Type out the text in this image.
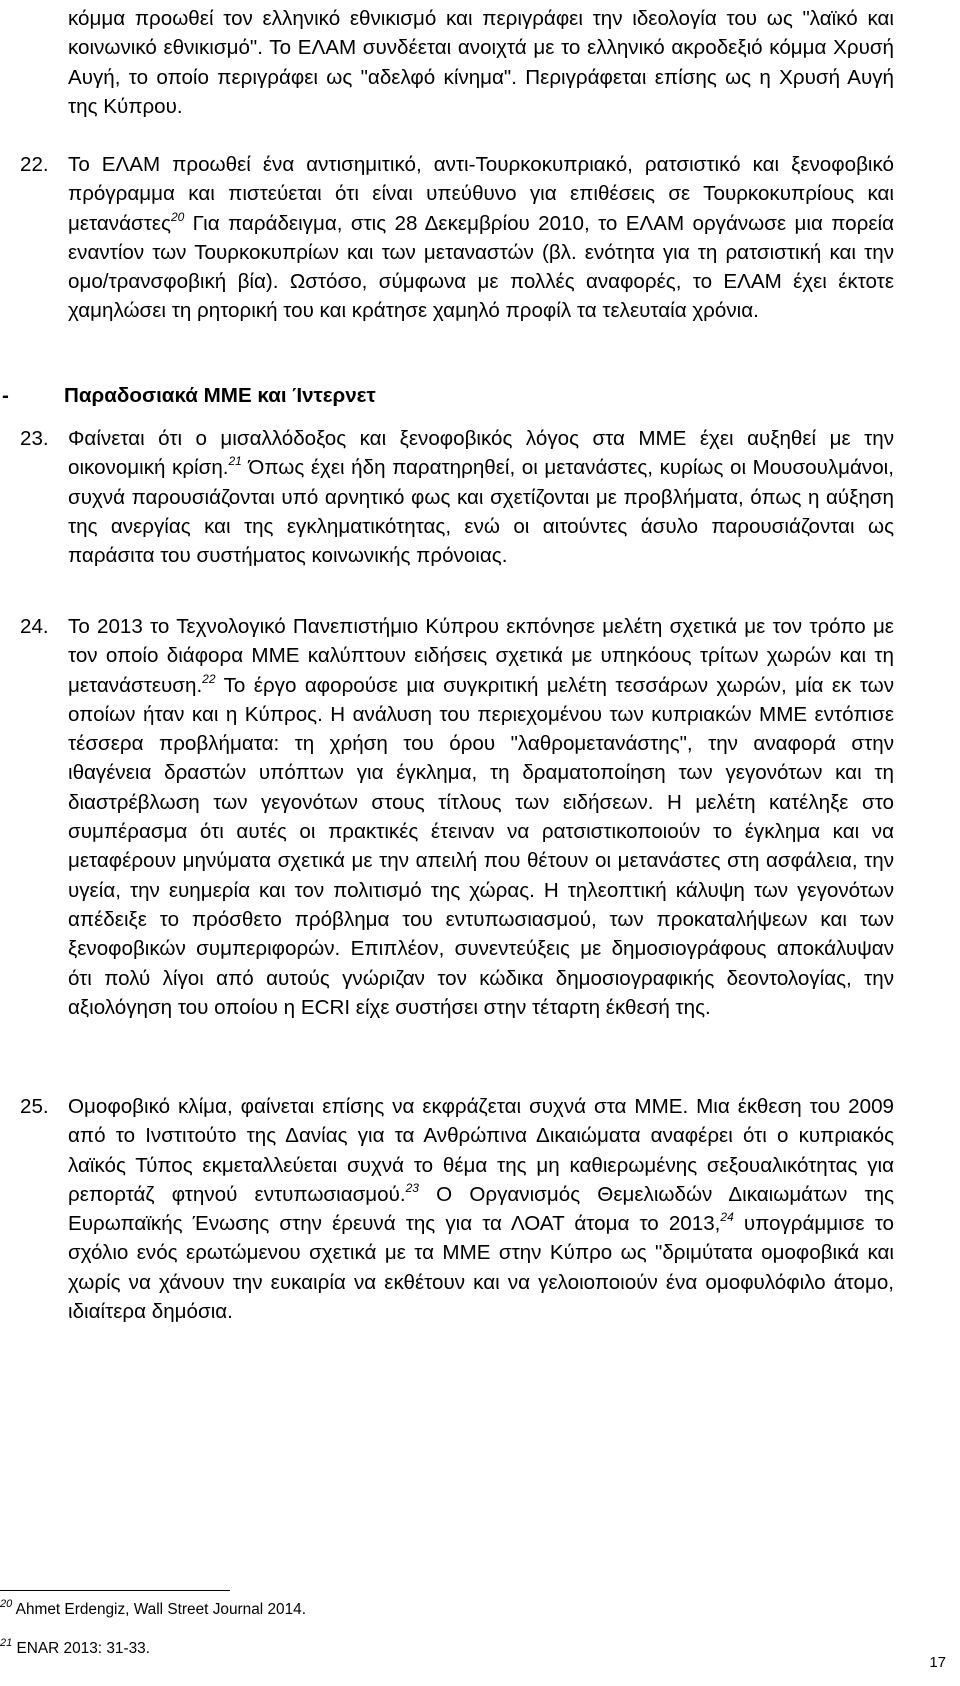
κόμμα προωθεί τον ελληνικό εθνικισμό και περιγράφει την ιδεολογία του ως "λαϊκό και κοινωνικό εθνικισμό". Το ΕΛΑΜ συνδέεται ανοιχτά με το ελληνικό ακροδεξιό κόμμα Χρυσή Αυγή, το οποίο περιγράφει ως "αδελφό κίνημα". Περιγράφεται επίσης ως η Χρυσή Αυγή της Κύπρου.
22. Το ΕΛΑΜ προωθεί ένα αντισημιτικό, αντι-Τουρκοκυπριακό, ρατσιστικό και ξενοφοβικό πρόγραμμα και πιστεύεται ότι είναι υπεύθυνο για επιθέσεις σε Τουρκοκυπρίους και μετανάστες$^{20}$ Για παράδειγμα, στις 28 Δεκεμβρίου 2010, το ΕΛΑΜ οργάνωσε μια πορεία εναντίον των Τουρκοκυπρίων και των μεταναστών (βλ. ενότητα για τη ρατσιστική και την ομο/τρανσφοβική βία). Ωστόσο, σύμφωνα με πολλές αναφορές, το ΕΛΑΜ έχει έκτοτε χαμηλώσει τη ρητορική του και κράτησε χαμηλό προφίλ τα τελευταία χρόνια.
-	Παραδοσιακά ΜΜΕ και Ίντερνετ
23. Φαίνεται ότι ο μισαλλόδοξος και ξενοφοβικός λόγος στα ΜΜΕ έχει αυξηθεί με την οικονομική κρίση.$^{21}$ Όπως έχει ήδη παρατηρηθεί, οι μετανάστες, κυρίως οι Μουσουλμάνοι, συχνά παρουσιάζονται υπό αρνητικό φως και σχετίζονται με προβλήματα, όπως η αύξηση της ανεργίας και της εγκληματικότητας, ενώ οι αιτούντες άσυλο παρουσιάζονται ως παράσιτα του συστήματος κοινωνικής πρόνοιας.
24. Το 2013 το Τεχνολογικό Πανεπιστήμιο Κύπρου εκπόνησε μελέτη σχετικά με τον τρόπο με τον οποίο διάφορα ΜΜΕ καλύπτουν ειδήσεις σχετικά με υπηκόους τρίτων χωρών και τη μετανάστευση.$^{22}$ Το έργο αφορούσε μια συγκριτική μελέτη τεσσάρων χωρών, μία εκ των οποίων ήταν και η Κύπρος. Η ανάλυση του περιεχομένου των κυπριακών ΜΜΕ εντόπισε τέσσερα προβλήματα: τη χρήση του όρου "λαθρομετανάστης", την αναφορά στην ιθαγένεια δραστών υπόπτων για έγκλημα, τη δραματοποίηση των γεγονότων και τη διαστρέβλωση των γεγονότων στους τίτλους των ειδήσεων. Η μελέτη κατέληξε στο συμπέρασμα ότι αυτές οι πρακτικές έτειναν να ρατσιστικοποιούν το έγκλημα και να μεταφέρουν μηνύματα σχετικά με την απειλή που θέτουν οι μετανάστες στη ασφάλεια, την υγεία, την ευημερία και τον πολιτισμό της χώρας. Η τηλεοπτική κάλυψη των γεγονότων απέδειξε το πρόσθετο πρόβλημα του εντυπωσιασμού, των προκαταλήψεων και των ξενοφοβικών συμπεριφορών. Επιπλέον, συνεντεύξεις με δημοσιογράφους αποκάλυψαν ότι πολύ λίγοι από αυτούς γνώριζαν τον κώδικα δημοσιογραφικής δεοντολογίας, την αξιολόγηση του οποίου η ECRI είχε συστήσει στην τέταρτη έκθεσή της.
25. Ομοφοβικό κλίμα, φαίνεται επίσης να εκφράζεται συχνά στα ΜΜΕ. Μια έκθεση του 2009 από το Ινστιτούτο της Δανίας για τα Ανθρώπινα Δικαιώματα αναφέρει ότι ο κυπριακός λαϊκός Τύπος εκμεταλλεύεται συχνά το θέμα της μη καθιερωμένης σεξουαλικότητας για ρεπορτάζ φτηνού εντυπωσιασμού.$^{23}$ Ο Οργανισμός Θεμελιωδών Δικαιωμάτων της Ευρωπαϊκής Ένωσης στην έρευνά της για τα ΛΟΑΤ άτομα το 2013,24 υπογράμμισε το σχόλιο ενός ερωτώμενου σχετικά με τα ΜΜΕ στην Κύπρο ως "δριμύτατα ομοφοβικά και χωρίς να χάνουν την ευκαιρία να εκθέτουν και να γελοιοποιούν ένα ομοφυλόφιλο άτομο, ιδιαίτερα δημόσια.
$^{20}$ Ahmet Erdengiz, Wall Street Journal 2014.
$^{21}$ ENAR 2013: 31-33.
17
